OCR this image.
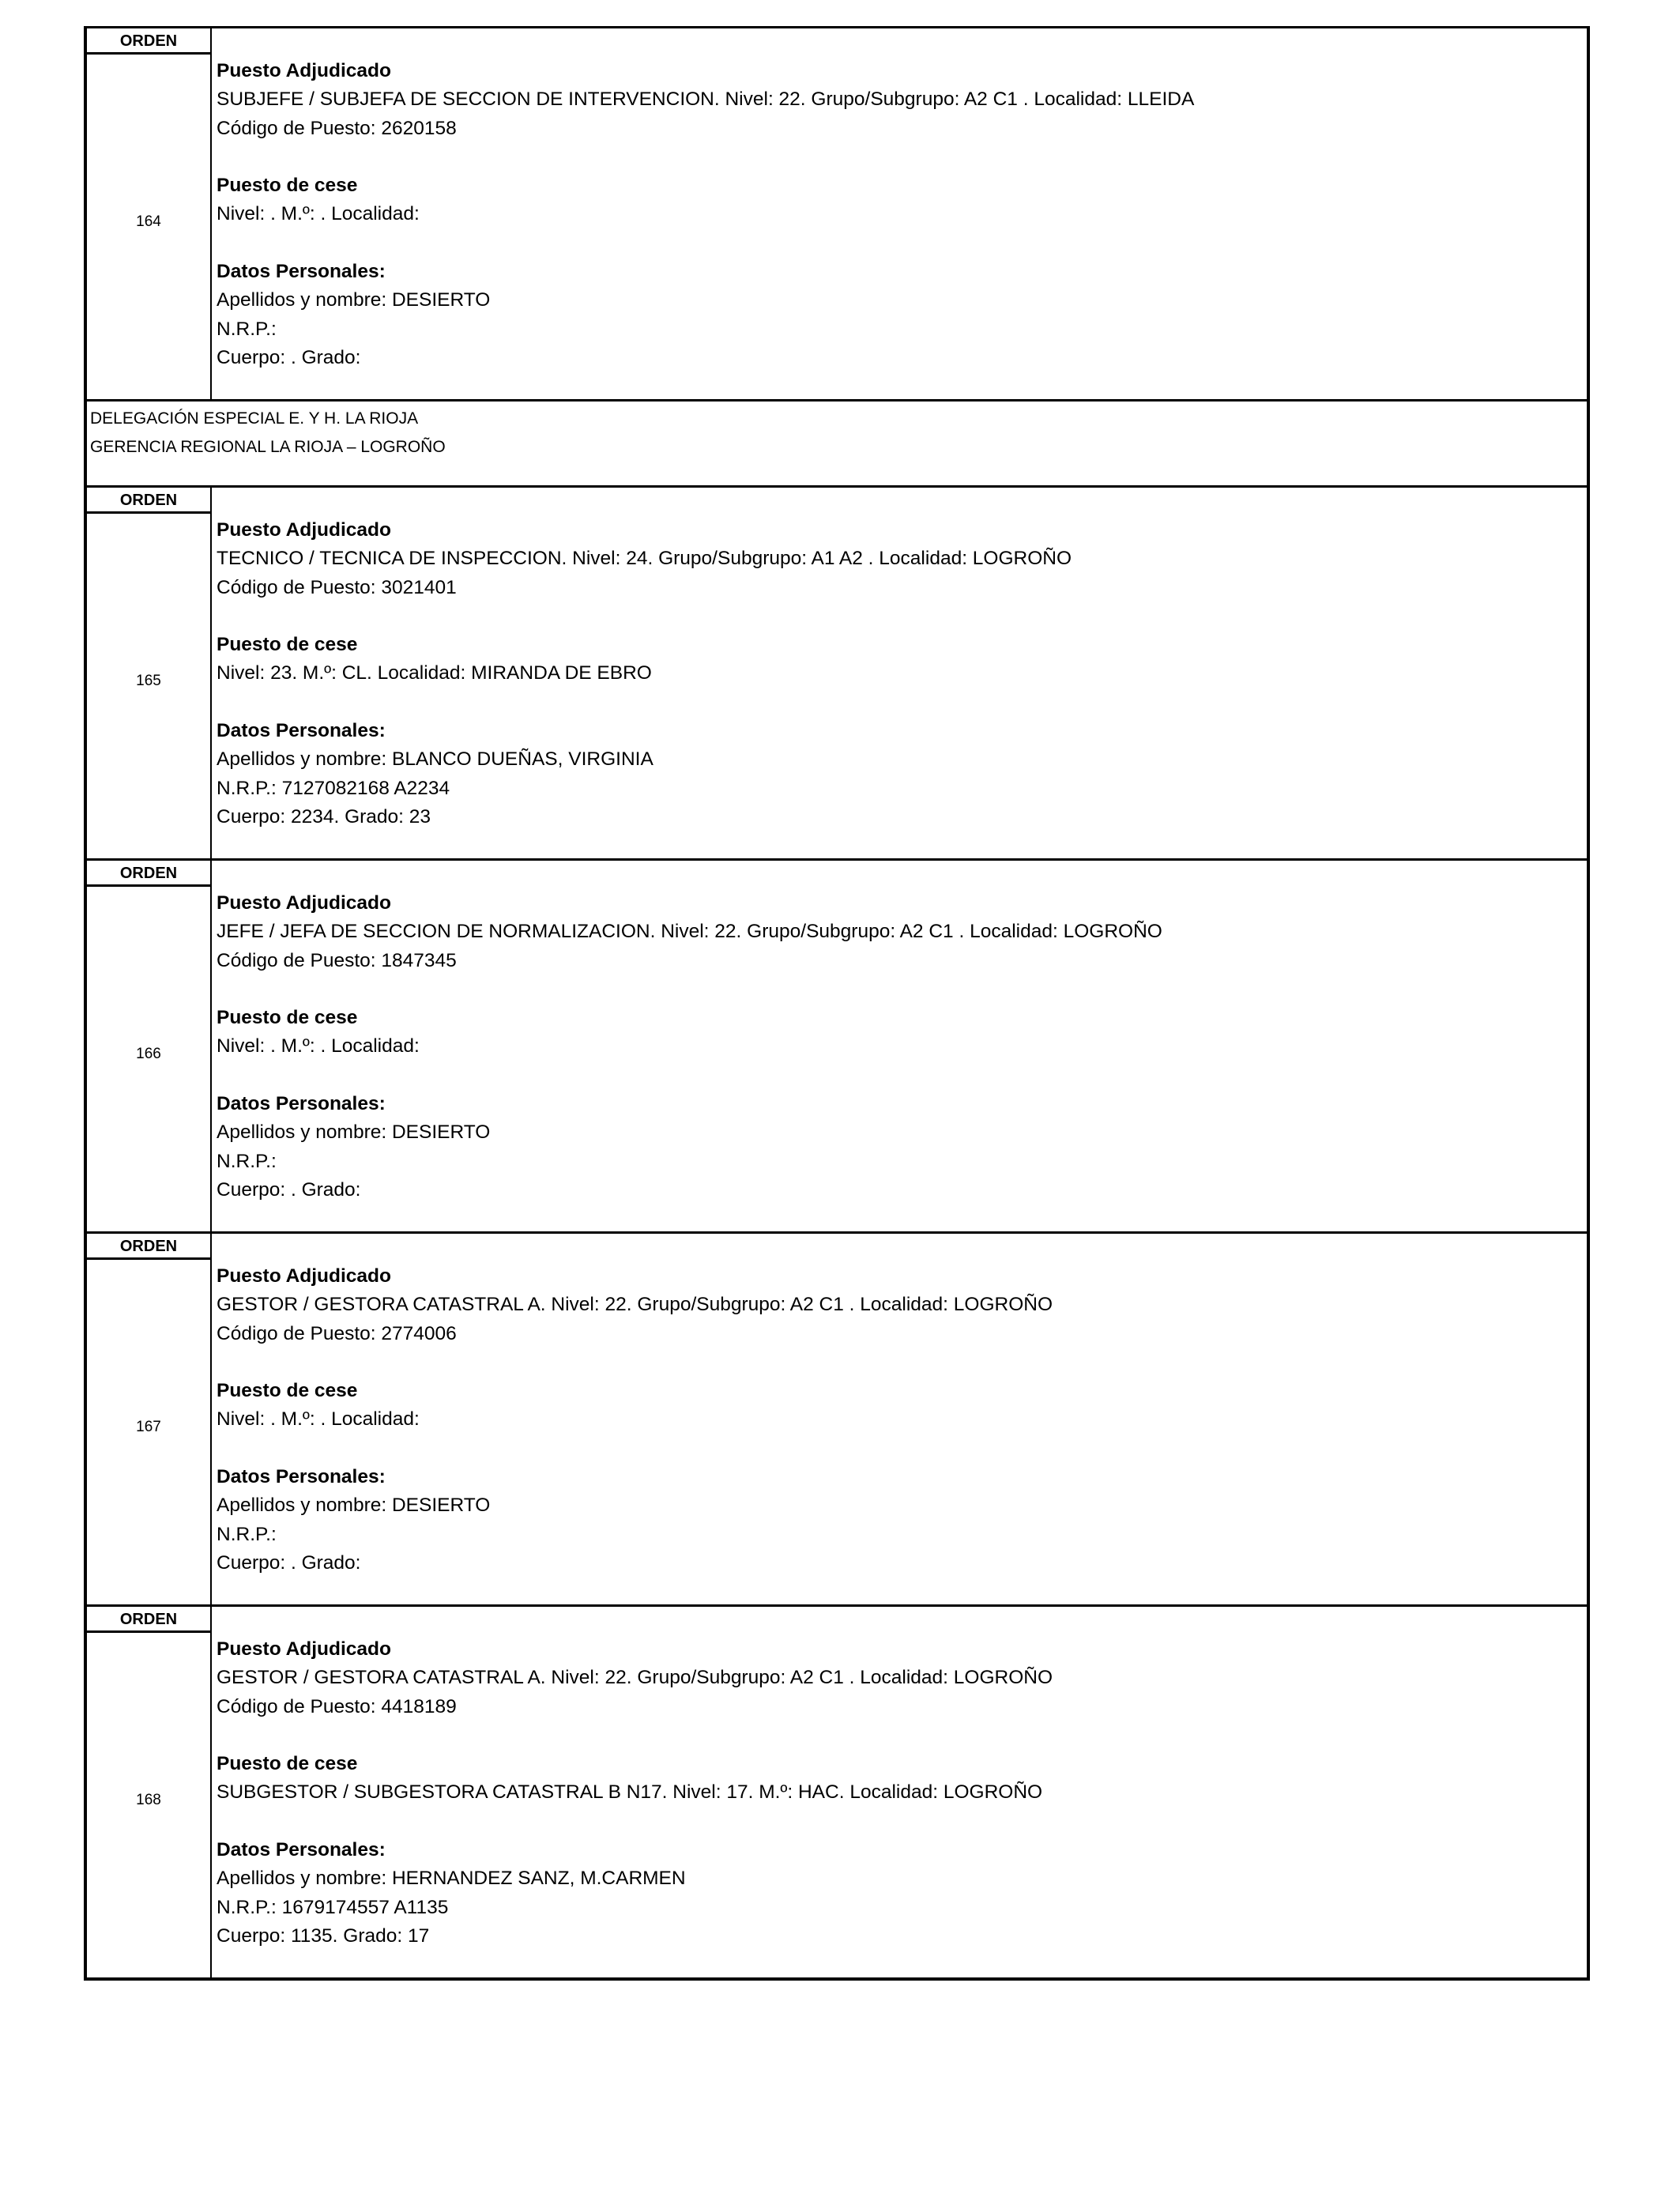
ORDEN
164
Puesto Adjudicado
SUBJEFE / SUBJEFA DE SECCION DE INTERVENCION. Nivel: 22. Grupo/Subgrupo: A2 C1 . Localidad: LLEIDA
Código de Puesto: 2620158
Puesto de cese
Nivel: . M.º: . Localidad:
Datos Personales:
Apellidos y nombre: DESIERTO
N.R.P.:
Cuerpo: . Grado:
DELEGACIÓN ESPECIAL E. Y H. LA RIOJA
GERENCIA REGIONAL LA RIOJA – LOGROÑO
ORDEN
165
Puesto Adjudicado
TECNICO / TECNICA DE INSPECCION. Nivel: 24. Grupo/Subgrupo: A1 A2 . Localidad: LOGROÑO
Código de Puesto: 3021401
Puesto de cese
Nivel: 23. M.º: CL. Localidad: MIRANDA DE EBRO
Datos Personales:
Apellidos y nombre: BLANCO DUEÑAS, VIRGINIA
N.R.P.: 7127082168 A2234
Cuerpo: 2234. Grado: 23
ORDEN
166
Puesto Adjudicado
JEFE / JEFA DE SECCION DE NORMALIZACION. Nivel: 22. Grupo/Subgrupo: A2 C1 . Localidad: LOGROÑO
Código de Puesto: 1847345
Puesto de cese
Nivel: . M.º: . Localidad:
Datos Personales:
Apellidos y nombre: DESIERTO
N.R.P.:
Cuerpo: . Grado:
ORDEN
167
Puesto Adjudicado
GESTOR / GESTORA CATASTRAL A. Nivel: 22. Grupo/Subgrupo: A2 C1 . Localidad: LOGROÑO
Código de Puesto: 2774006
Puesto de cese
Nivel: . M.º: . Localidad:
Datos Personales:
Apellidos y nombre: DESIERTO
N.R.P.:
Cuerpo: . Grado:
ORDEN
168
Puesto Adjudicado
GESTOR / GESTORA CATASTRAL A. Nivel: 22. Grupo/Subgrupo: A2 C1 . Localidad: LOGROÑO
Código de Puesto: 4418189
Puesto de cese
SUBGESTOR / SUBGESTORA CATASTRAL B N17. Nivel: 17. M.º: HAC. Localidad: LOGROÑO
Datos Personales:
Apellidos y nombre: HERNANDEZ SANZ, M.CARMEN
N.R.P.: 1679174557 A1135
Cuerpo: 1135. Grado: 17
